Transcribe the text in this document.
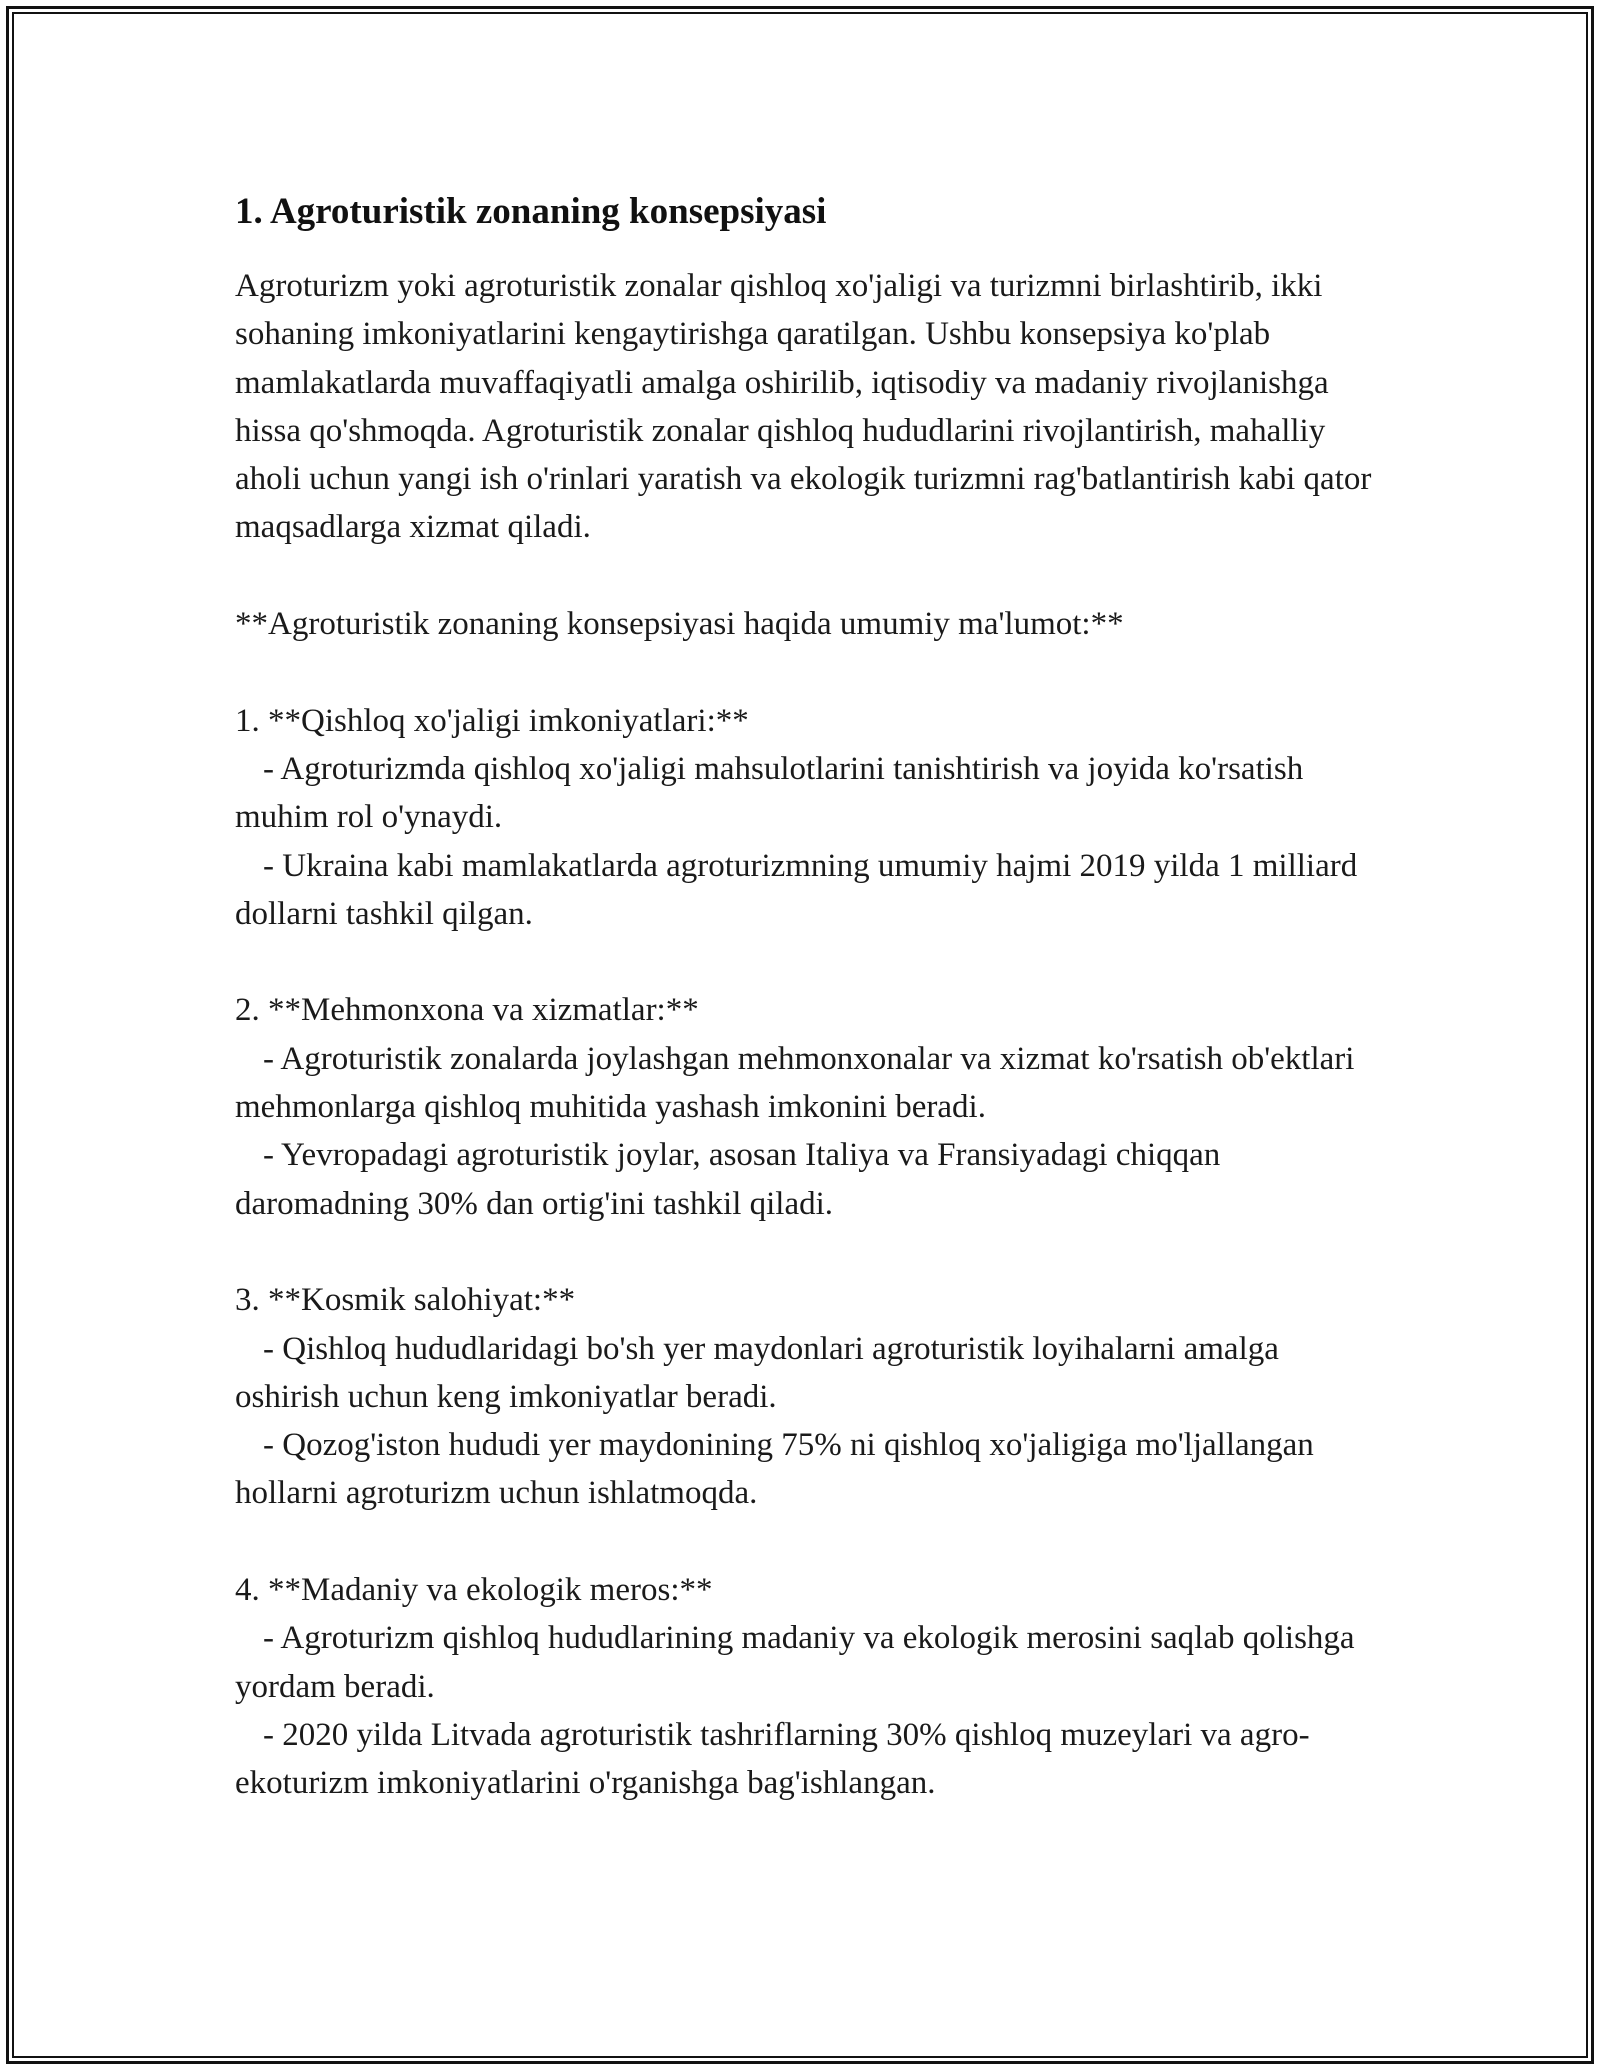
1. Agroturistik zonaning konsepsiyasi

Agroturizm yoki agroturistik zonalar qishloq xo'jaligi va turizmni birlashtirib, ikki sohaning imkoniyatlarini kengaytirishga qaratilgan. Ushbu konsepsiya ko'plab mamlakatlarda muvaffaqiyatli amalga oshirilib, iqtisodiy va madaniy rivojlanishga hissa qo'shmoqda. Agroturistik zonalar qishloq hududlarini rivojlantirish, mahalliy aholi uchun yangi ish o'rinlari yaratish va ekologik turizmni rag'batlantirish kabi qator maqsadlarga xizmat qiladi.

**Agroturistik zonaning konsepsiyasi haqida umumiy ma'lumot:**

1. **Qishloq xo'jaligi imkoniyatlari:**

- Agroturizmda qishloq xo'jaligi mahsulotlarini tanishtirish va joyida ko'rsatish muhim rol o'ynaydi.

- Ukraina kabi mamlakatlarda agroturizmning umumiy hajmi 2019 yilda 1 milliard dollarni tashkil qilgan.

2. **Mehmonxona va xizmatlar:**

- Agroturistik zonalarda joylashgan mehmonxonalar va xizmat ko'rsatish ob'ektlari mehmonlarga qishloq muhitida yashash imkonini beradi.

- Yevropadagi agroturistik joylar, asosan Italiya va Fransiyadagi chiqqan daromadning 30% dan ortig'ini tashkil qiladi.

3. **Kosmik salohiyat:**

- Qishloq hududlaridagi bo'sh yer maydonlari agroturistik loyihalarni amalga oshirish uchun keng imkoniyatlar beradi.

- Qozog'iston hududi yer maydonining 75% ni qishloq xo'jaligiga mo'ljallangan hollarni agroturizm uchun ishlatmoqda.

4. **Madaniy va ekologik meros:**

- Agroturizm qishloq hududlarining madaniy va ekologik merosini saqlab qolishga yordam beradi.

- 2020 yilda Litvada agroturistik tashriflarning 30% qishloq muzeylari va agro-ekoturizm imkoniyatlarini o'rganishga bag'ishlangan.
